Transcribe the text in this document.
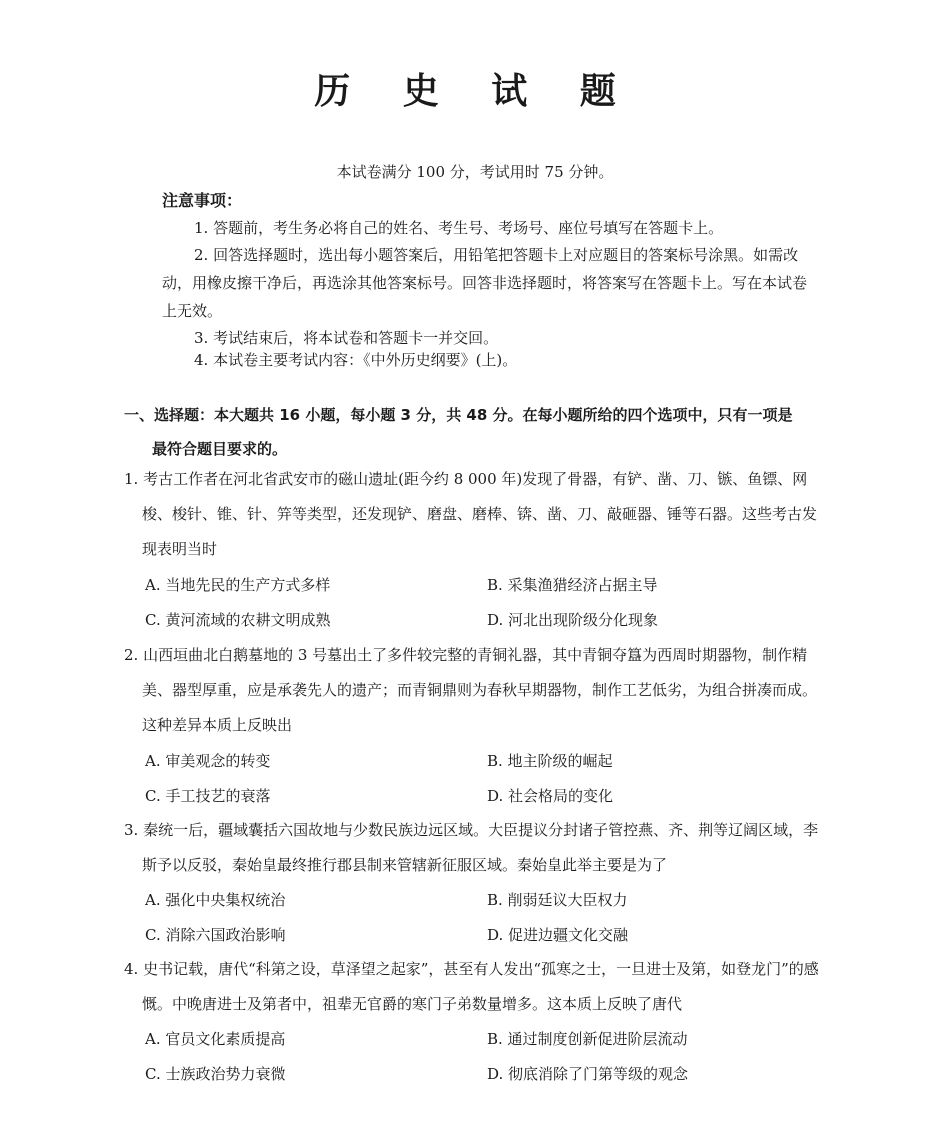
历 史 试 题
本试卷满分 100 分，考试用时 75 分钟。
注意事项：
1. 答题前，考生务必将自己的姓名、考生号、考场号、座位号填写在答题卡上。
2. 回答选择题时，选出每小题答案后，用铅笔把答题卡上对应题目的答案标号涂黑。如需改动，用橡皮擦干净后，再选涂其他答案标号。回答非选择题时，将答案写在答题卡上。写在本试卷上无效。
3. 考试结束后，将本试卷和答题卡一并交回。
4. 本试卷主要考试内容：《中外历史纲要》(上)。
一、选择题：本大题共 16 小题，每小题 3 分，共 48 分。在每小题所给的四个选项中，只有一项是
最符合题目要求的。
1. 考古工作者在河北省武安市的磁山遗址(距今约 8 000 年)发现了骨器，有铲、凿、刀、镞、鱼镖、网梭、梭针、锥、针、笄等类型，还发现铲、磨盘、磨棒、锛、凿、刀、敲砸器、锤等石器。这些考古发现表明当时
A. 当地先民的生产方式多样	B. 采集渔猎经济占据主导
C. 黄河流域的农耕文明成熟	D. 河北出现阶级分化现象
2. 山西垣曲北白鹅墓地的 3 号墓出土了多件较完整的青铜礼器，其中青铜夺簋为西周时期器物，制作精美、器型厚重，应是承袭先人的遗产；而青铜鼎则为春秋早期器物，制作工艺低劣，为组合拼凑而成。这种差异本质上反映出
A. 审美观念的转变	B. 地主阶级的崛起
C. 手工技艺的衰落	D. 社会格局的变化
3. 秦统一后，疆域囊括六国故地与少数民族边远区域。大臣提议分封诸子管控燕、齐、荆等辽阔区域，李斯予以反驳，秦始皇最终推行郡县制来管辖新征服区域。秦始皇此举主要是为了
A. 强化中央集权统治	B. 削弱廷议大臣权力
C. 消除六国政治影响	D. 促进边疆文化交融
4. 史书记载，唐代“科第之设，草泽望之起家”，甚至有人发出“孤寒之士，一旦进士及第，如登龙门”的感慨。中晚唐进士及第者中，祖辈无官爵的寒门子弟数量增多。这本质上反映了唐代
A. 官员文化素质提高	B. 通过制度创新促进阶层流动
C. 士族政治势力衰微	D. 彻底消除了门第等级的观念
